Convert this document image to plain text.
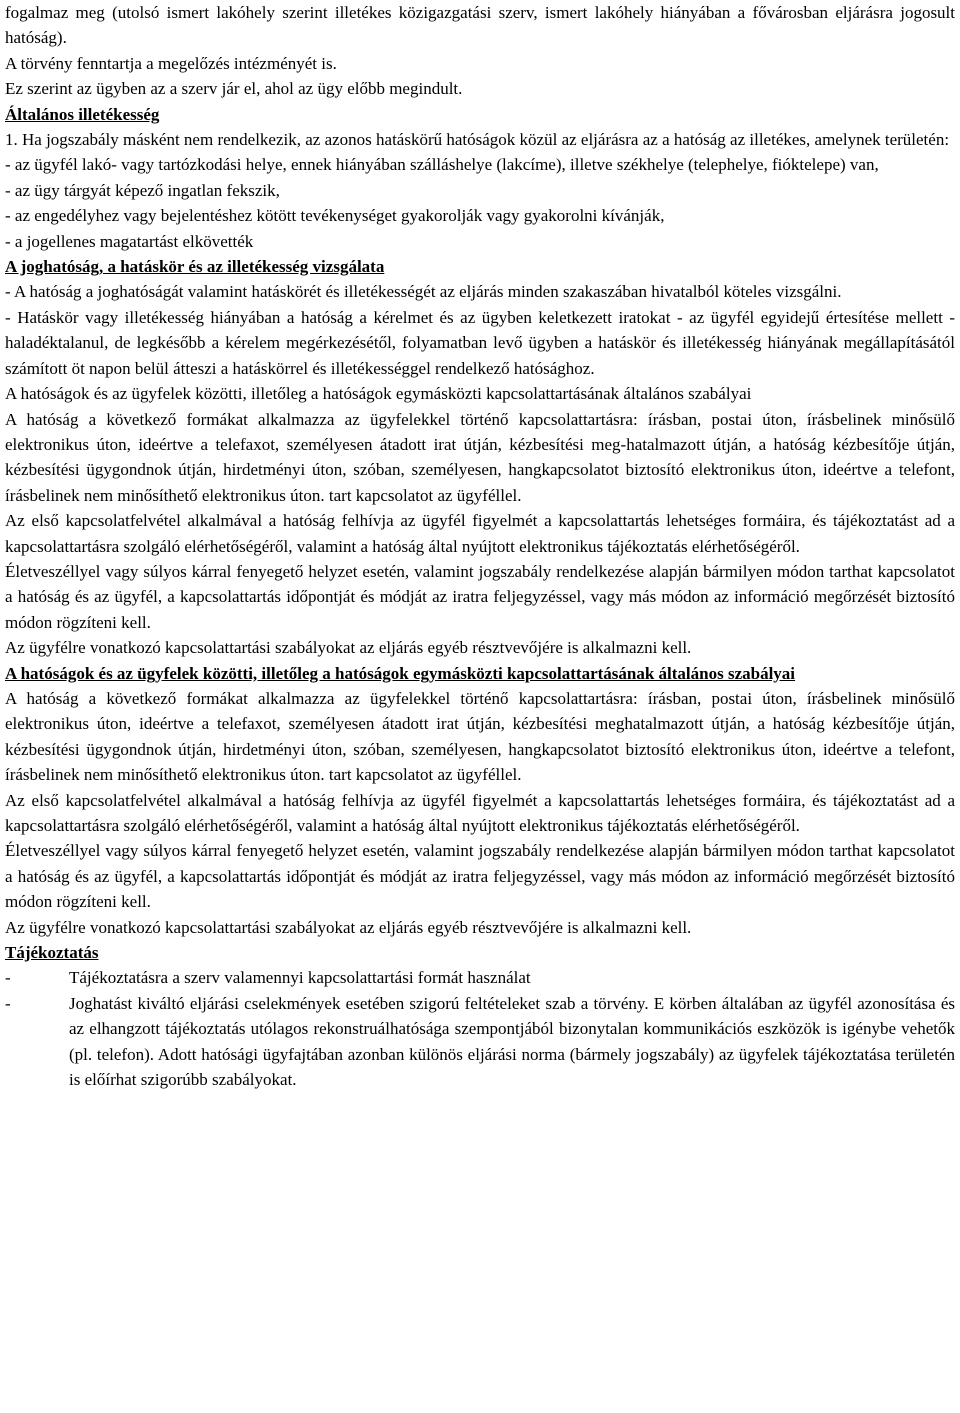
fogalmaz meg (utolsó ismert lakóhely szerint illetékes közigazgatási szerv, ismert lakóhely hiányában a fővárosban eljárásra jogosult hatóság).

A törvény fenntartja a megelőzés intézményét is.

Ez szerint az ügyben az a szerv jár el, ahol az ügy előbb megindult.

Általános illetékesség

1. Ha jogszabály másként nem rendelkezik, az azonos hatáskörű hatóságok közül az eljárásra az a hatóság az illetékes, amelynek területén:

- az ügyfél lakó- vagy tartózkodási helye, ennek hiányában szálláshelye (lakcíme), illetve székhelye (telephelye, fióktelepe) van,

- az ügy tárgyát képező ingatlan fekszik,

- az engedélyhez vagy bejelentéshez kötött tevékenységet gyakorolják vagy gyakorolni kívánják,

- a jogellenes magatartást elkövették

A joghatóság, a hatáskör és az illetékesség vizsgálata

- A hatóság a joghatóságát valamint hatáskörét és illetékességét az eljárás minden szakaszában hivatalból köteles vizsgálni.

- Hatáskör vagy illetékesség hiányában a hatóság a kérelmet és az ügyben keletkezett iratokat - az ügyfél egyidejű értesítése mellett - haladéktalanul, de legkésőbb a kérelem megérkezésétől, folyamatban levő ügyben a hatáskör és illetékesség hiányának megállapításától számított öt napon belül átteszi a hatáskörrel és illetékességgel rendelkező hatósághoz.

A hatóságok és az ügyfelek közötti, illetőleg a hatóságok egymásközti kapcsolattartásának általános szabályai

A hatóság a következő formákat alkalmazza az ügyfelekkel történő kapcsolattartásra: írásban, postai úton, írásbelinek minősülő elektronikus úton, ideértve a telefaxot, személyesen átadott irat útján, kézbesítési meg-hatalmazott útján, a hatóság kézbesítője útján, kézbesítési ügygondnok útján, hirdetményi úton, szóban, személyesen, hangkapcsolatot biztosító elektronikus úton, ideértve a telefont, írásbelinek nem minősíthető elektronikus úton. tart kapcsolatot az ügyféllel.

Az első kapcsolatfelvétel alkalmával a hatóság felhívja az ügyfél figyelmét a kapcsolattartás lehetséges formáira, és tájékoztatást ad a kapcsolattartásra szolgáló elérhetőségéről, valamint a hatóság által nyújtott elektronikus tájékoztatás elérhetőségéről.

Életveszéllyel vagy súlyos kárral fenyegető helyzet esetén, valamint jogszabály rendelkezése alapján bármilyen módon tarthat kapcsolatot a hatóság és az ügyfél, a kapcsolattartás időpontját és módját az iratra feljegyzéssel, vagy más módon az információ megőrzését biztosító módon rögzíteni kell.

Az ügyfélre vonatkozó kapcsolattartási szabályokat az eljárás egyéb résztvevőjére is alkalmazni kell.

A hatóságok és az ügyfelek közötti, illetőleg a hatóságok egymásközti kapcsolattartásának általános szabályai

A hatóság a következő formákat alkalmazza az ügyfelekkel történő kapcsolattartásra: írásban, postai úton, írásbelinek minősülő elektronikus úton, ideértve a telefaxot, személyesen átadott irat útján, kézbesítési meghatalmazott útján, a hatóság kézbesítője útján, kézbesítési ügygondnok útján, hirdetményi úton, szóban, személyesen, hangkapcsolatot biztosító elektronikus úton, ideértve a telefont, írásbelinek nem minősíthető elektronikus úton. tart kapcsolatot az ügyféllel.

Az első kapcsolatfelvétel alkalmával a hatóság felhívja az ügyfél figyelmét a kapcsolattartás lehetséges formáira, és tájékoztatást ad a kapcsolattartásra szolgáló elérhetőségéről, valamint a hatóság által nyújtott elektronikus tájékoztatás elérhetőségéről.

Életveszéllyel vagy súlyos kárral fenyegető helyzet esetén, valamint jogszabály rendelkezése alapján bármilyen módon tarthat kapcsolatot a hatóság és az ügyfél, a kapcsolattartás időpontját és módját az iratra feljegyzéssel, vagy más módon az információ megőrzését biztosító módon rögzíteni kell.

Az ügyfélre vonatkozó kapcsolattartási szabályokat az eljárás egyéb résztvevőjére is alkalmazni kell.

Tájékoztatás

-	Tájékoztatásra a szerv valamennyi kapcsolattartási formát használat
-	Joghatást kiváltó eljárási cselekmények esetében szigorú feltételeket szab a törvény. E körben általában az ügyfél azonosítása és az elhangzott tájékoztatás utólagos rekonstruálhatósága szempontjából bizonytalan kommunikációs eszközök is igénybe vehetők (pl. telefon). Adott hatósági ügyfajtában azonban különös eljárási norma (bármely jogszabály) az ügyfelek tájékoztatása területén is előírhat szigorúbb szabályokat.
